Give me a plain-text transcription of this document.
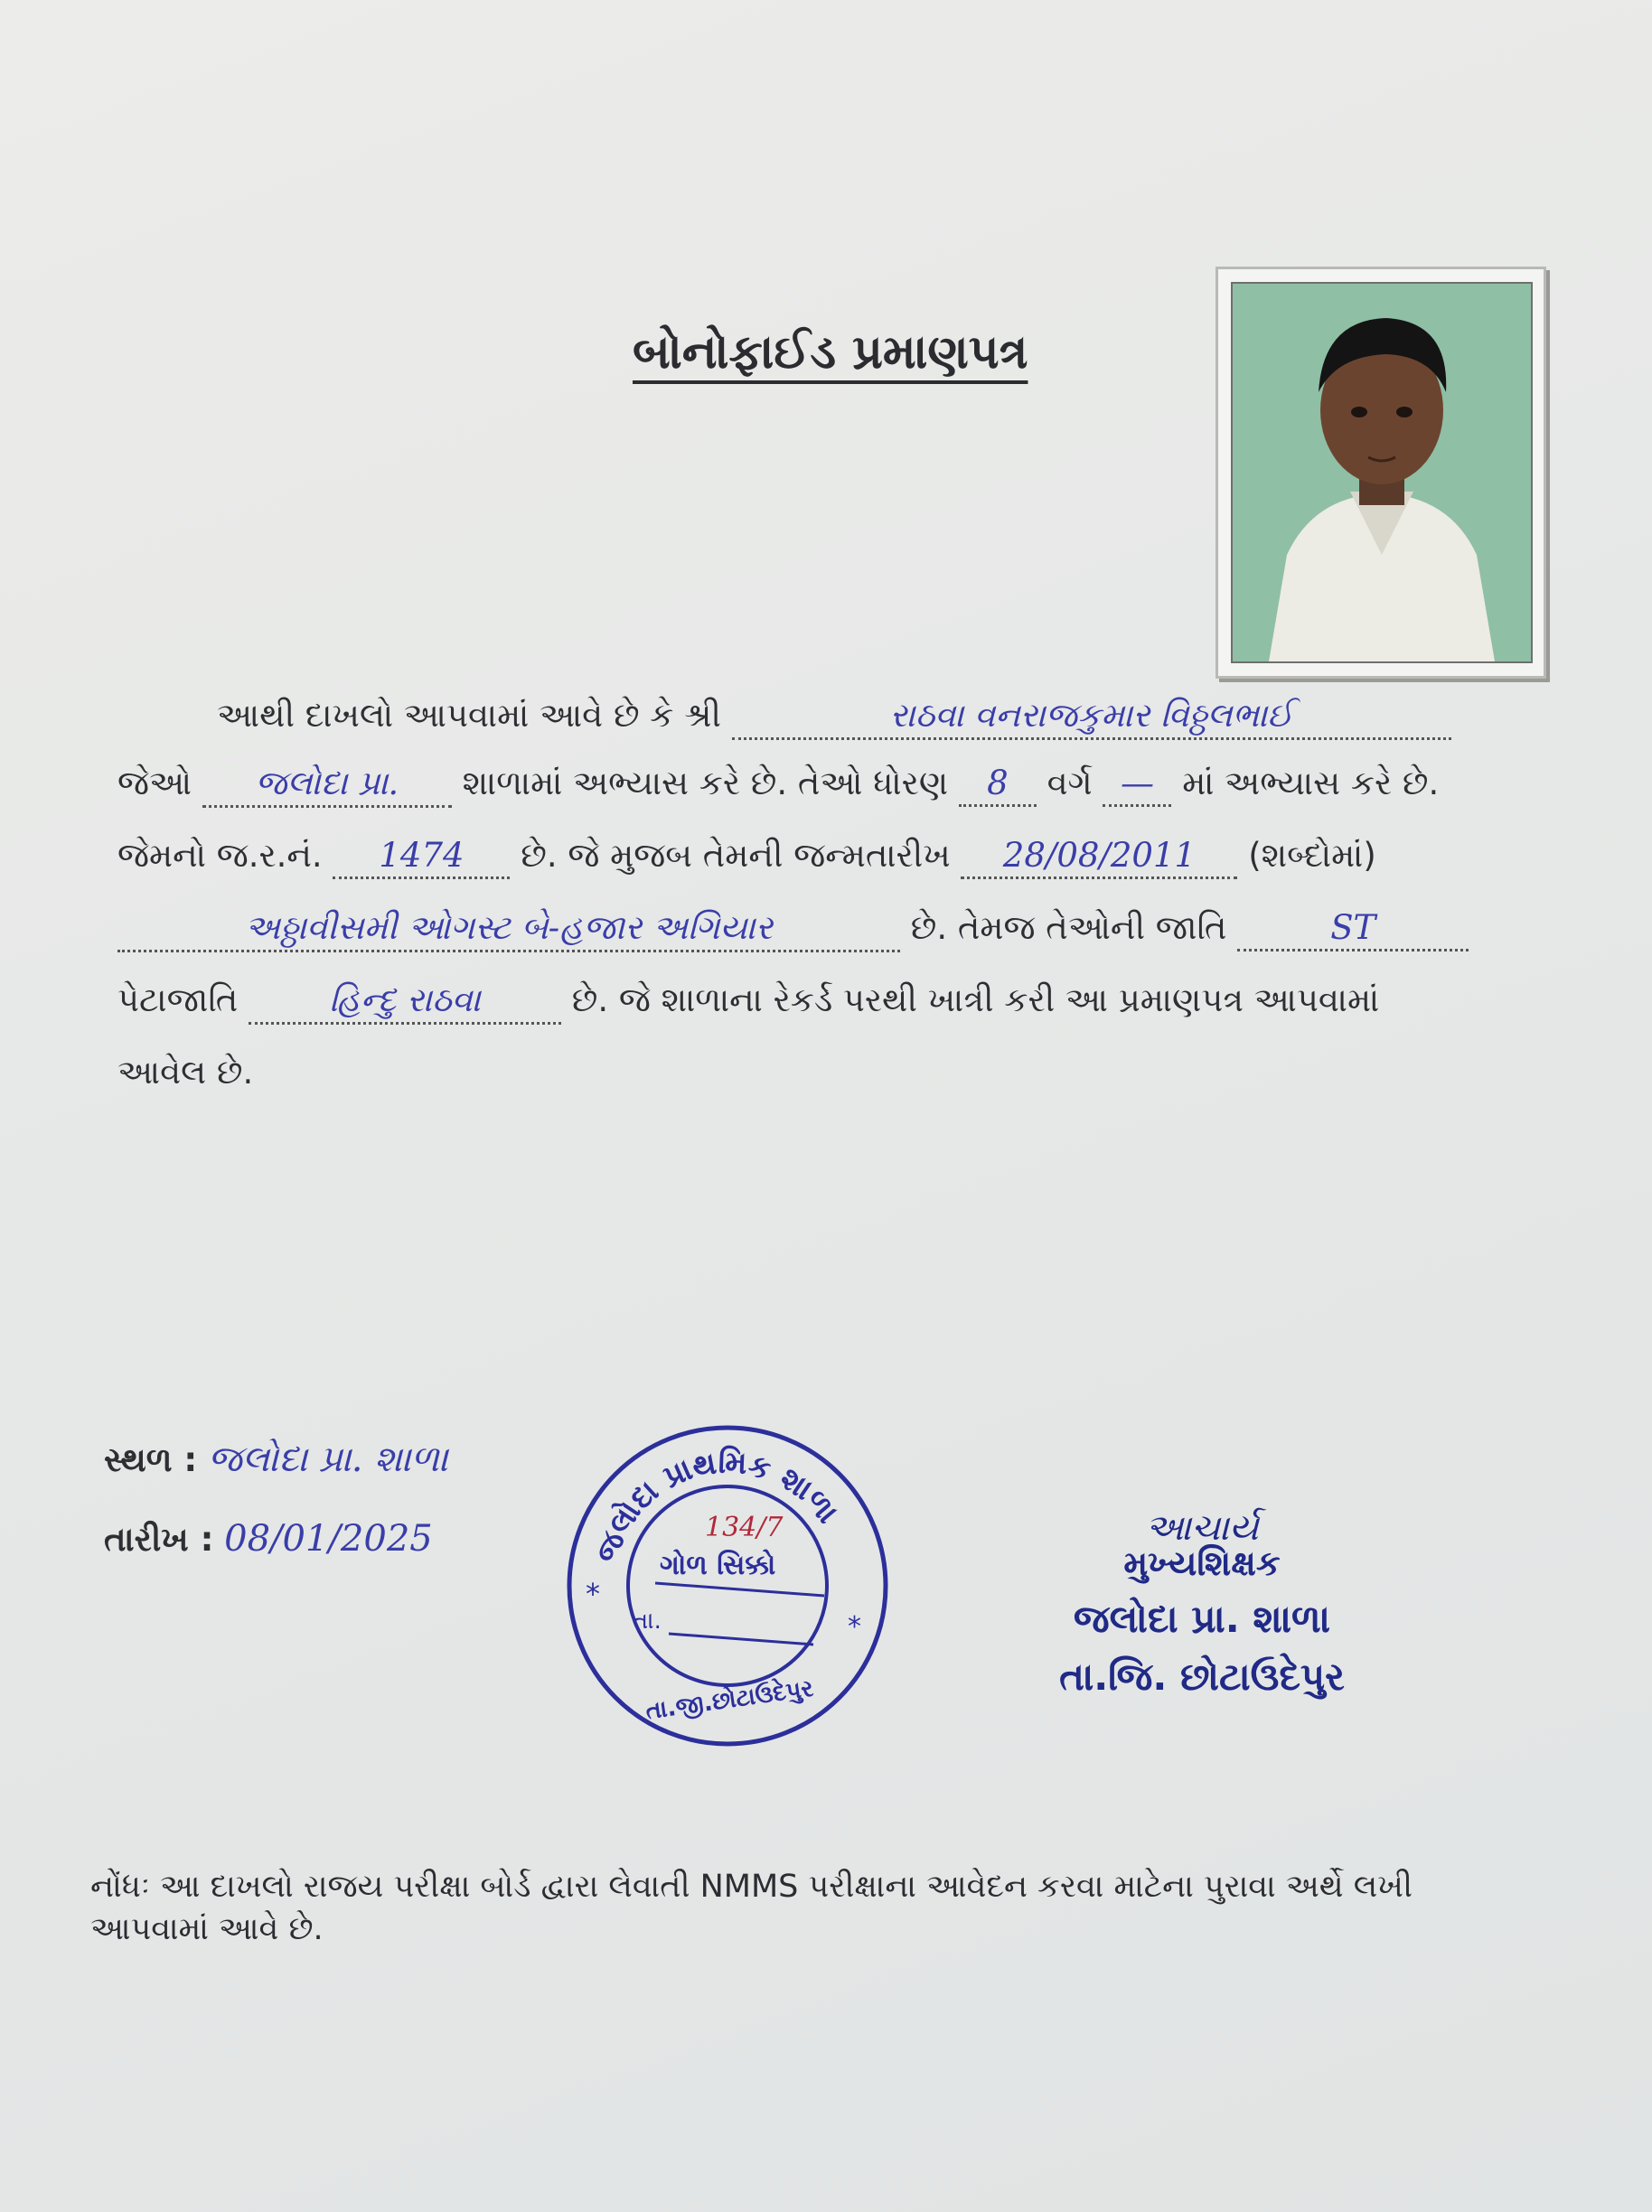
બોનોફાઈડ પ્રમાણપત્ર
આથી દાખલો આપવામાં આવે છે કે શ્રી	રાઠવા વનરાજકુમાર વિઠ્ઠલભાઈ
જેઓ જલોદા પ્રા. શાળામાં અભ્યાસ કરે છે. તેઓ ધોરણ 8 વર્ગ — માં અભ્યાસ કરે છે.
જેમનો જ.ર.નં. 1474 છે. જે મુજબ તેમની જન્મતારીખ 28/08/2011 (શબ્દોમાં)
અઠ્ઠાવીસમી ઓગસ્ટ બે-હજાર અગિયાર	છે. તેમજ તેઓની જાતિ	ST
પેટાજાતિ	હિન્દુ રાઠવા	છે. જે શાળાના રેકર્ડ પરથી ખાત્રી કરી આ પ્રમાણપત્ર આપવામાં
આવેલ છે.
સ્થળ : જલોદા પ્રા. શાળા
તારીખ : 08/01/2025	જલોદા પ્રાથમિક શાળા
134/7
ગોળ સિક્કો
તા.
*
*
તા.જી.છોટાઉદેપુર
આચાર્ય
મુખ્યશિક્ષક
જલોદા પ્રા. શાળા
તા.જિ. છોટાઉદેપુર
નોંધઃ આ દાખલો રાજય પરીક્ષા બોર્ડ દ્વારા લેવાતી NMMS પરીક્ષાના આવેદન કરવા માટેના પુરાવા અર્થે લખી
આપવામાં આવે છે.
